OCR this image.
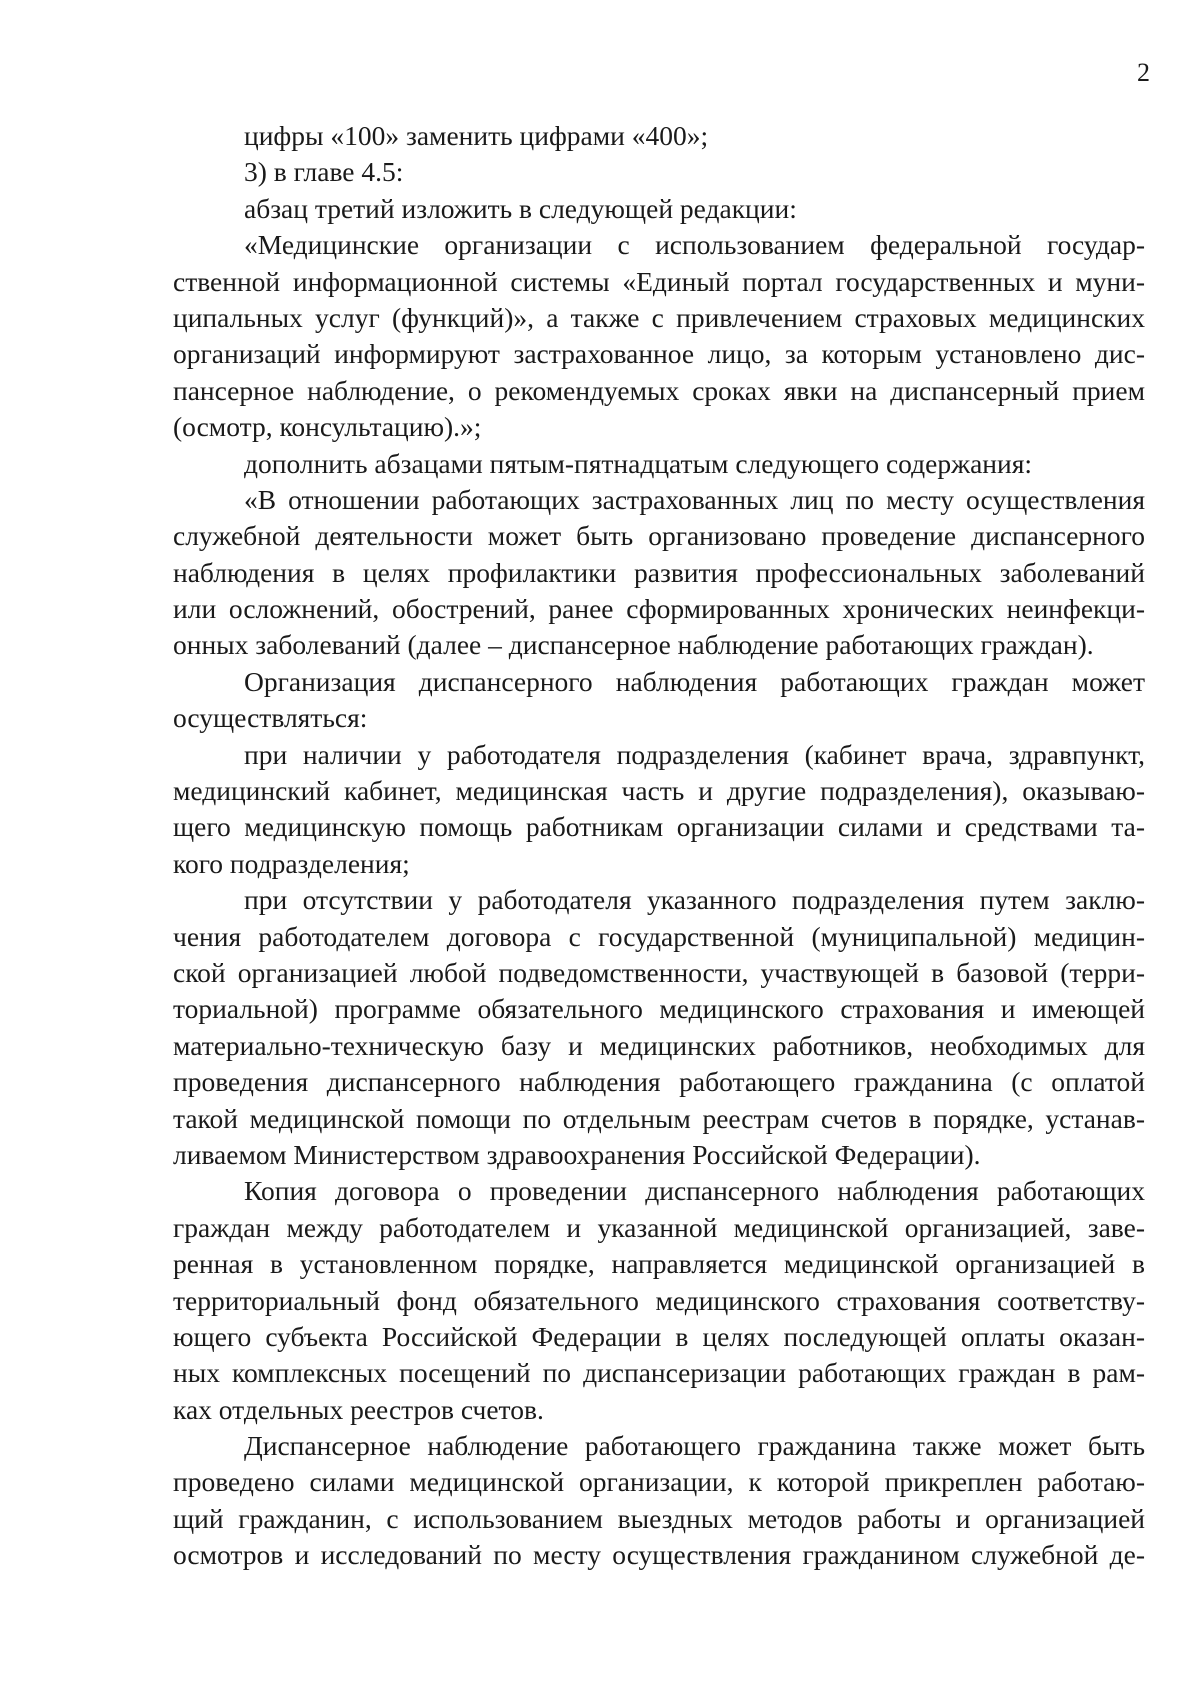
2
цифры «100» заменить цифрами «400»;
3) в главе 4.5:
абзац третий изложить в следующей редакции:
«Медицинские организации с использованием федеральной государ-
ственной информационной системы «Единый портал государственных и муни-
ципальных услуг (функций)», а также с привлечением страховых медицинских
организаций информируют застрахованное лицо, за которым установлено дис-
пансерное наблюдение, о рекомендуемых сроках явки на диспансерный прием
(осмотр, консультацию).»;
дополнить абзацами пятым-пятнадцатым следующего содержания:
«В отношении работающих застрахованных лиц по месту осуществления
служебной деятельности может быть организовано проведение диспансерного
наблюдения в целях профилактики развития профессиональных заболеваний
или осложнений, обострений, ранее сформированных хронических неинфекци-
онных заболеваний (далее – диспансерное наблюдение работающих граждан).
Организация диспансерного наблюдения работающих граждан может
осуществляться:
при наличии у работодателя подразделения (кабинет врача, здравпункт,
медицинский кабинет, медицинская часть и другие подразделения), оказываю-
щего медицинскую помощь работникам организации силами и средствами та-
кого подразделения;
при отсутствии у работодателя указанного подразделения путем заклю-
чения работодателем договора с государственной (муниципальной) медицин-
ской организацией любой подведомственности, участвующей в базовой (терри-
ториальной) программе обязательного медицинского страхования и имеющей
материально-техническую базу и медицинских работников, необходимых для
проведения диспансерного наблюдения работающего гражданина (с оплатой
такой медицинской помощи по отдельным реестрам счетов в порядке, устанав-
ливаемом Министерством здравоохранения Российской Федерации).
Копия договора о проведении диспансерного наблюдения работающих
граждан между работодателем и указанной медицинской организацией, заве-
ренная в установленном порядке, направляется медицинской организацией в
территориальный фонд обязательного медицинского страхования соответству-
ющего субъекта Российской Федерации в целях последующей оплаты оказан-
ных комплексных посещений по диспансеризации работающих граждан в рам-
ках отдельных реестров счетов.
Диспансерное наблюдение работающего гражданина также может быть
проведено силами медицинской организации, к которой прикреплен работаю-
щий гражданин, с использованием выездных методов работы и организацией
осмотров и исследований по месту осуществления гражданином служебной де-
